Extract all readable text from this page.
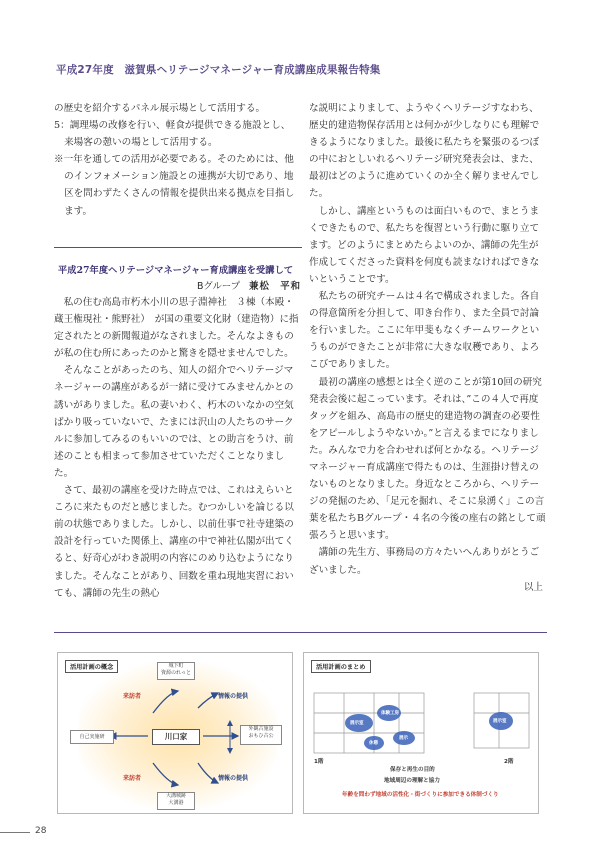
平成27年度　滋賀県ヘリテージマネージャー育成講座成果報告特集

の歴史を紹介するパネル展示場として活用する。

5：調理場の改修を行い、軽食が提供できる施設とし、来場客の憩いの場として活用する。

※一年を通しての活用が必要である。そのためには、他のインフォメーション施設との連携が大切であり、地区を問わずたくさんの情報を提供出来る拠点を目指します。

平成27年度ヘリテージマネージャー育成講座を受講して
Bグループ 兼松　平和

私の住む高島市朽木小川の思子淵神社　３棟（本殿・蔵王権現社・熊野社）　が国の重要文化財（建造物）に指定されたとの新聞報道がなされました。そんなよきものが私の住む所にあったのかと驚きを隠せませんでした。

そんなことがあったのち、知人の紹介でヘリテージマネージャーの講座があるが一緒に受けてみませんかとの誘いがありました。私の妻いわく、朽木のいなかの空気ばかり吸っていないで、たまには沢山の人たちのサークルに参加してみるのもいいのでは、との助言をうけ、前述のことも相まって参加させていただくことなりました。

さて、最初の講座を受けた時点では、これはえらいところに来たものだと感じました。むつかしいを論じる以前の状態でありました。しかし、以前仕事で社寺建築の設計を行っていた関係上、講座の中で神社仏閣が出てくると、好奇心がわき説明の内容にのめり込むようになりました。そんなことがあり、回数を重ね現地実習においても、講師の先生の熱心

な説明によりまして、ようやくヘリテージすなわち、歴史的建造物保存活用とは何かが少しなりにも理解できるようになりました。最後に私たちを緊張のるつぼの中におとしいれるヘリテージ研究発表会は、また、最初はどのように進めていくのか全く解りませんでした。

しかし、講座というものは面白いもので、まとうまくできたもので、私たちを復習という行動に駆り立てます。どのようにまとめたらよいのか、講師の先生が作成してくださった資料を何度も読まなければできないということです。

私たちの研究チームは４名で構成されました。各自の得意箇所を分担して、叩き台作り、また全員で討論を行いました。ここに年甲斐もなくチームワークというものができたことが非常に大きな収穫であり、よろこびでありました。

最初の講座の感想とは全く逆のことが第10回の研究発表会後に起こっています。それは、”この４人で再度タッグを組み、高島市の歴史的建造物の調査の必要性をアピールしようやないか。”と言えるまでになりました。みんなで力を合わせれば何とかなる。ヘリテージマネージャー育成講座で得たものは、生涯掛け替えのないものとなりました。身近なところから、ヘリテージの発掘のため、「足元を掘れ、そこに泉湧く」この言葉を私たちBグループ・４名の今後の座右の銘として頑張ろうと思います。

講師の先生方、事務局の方々たいへんありがとうございました。

以上

活用計画の概念	城下町
資源のれっと
来訪者	情報の提供
自己実施研	川口家
外観古施設
おもひ古公
来訪者	情報の提供
大溝城跡
大溝港
活用計画のまとめ
展示室
体験工房
展示
休憩
展示室
1階	2階
保存と再生の目的
地域周辺の理解と協力
年齢を問わず地域の活性化・街づくりに参加できる体制づくり
28
